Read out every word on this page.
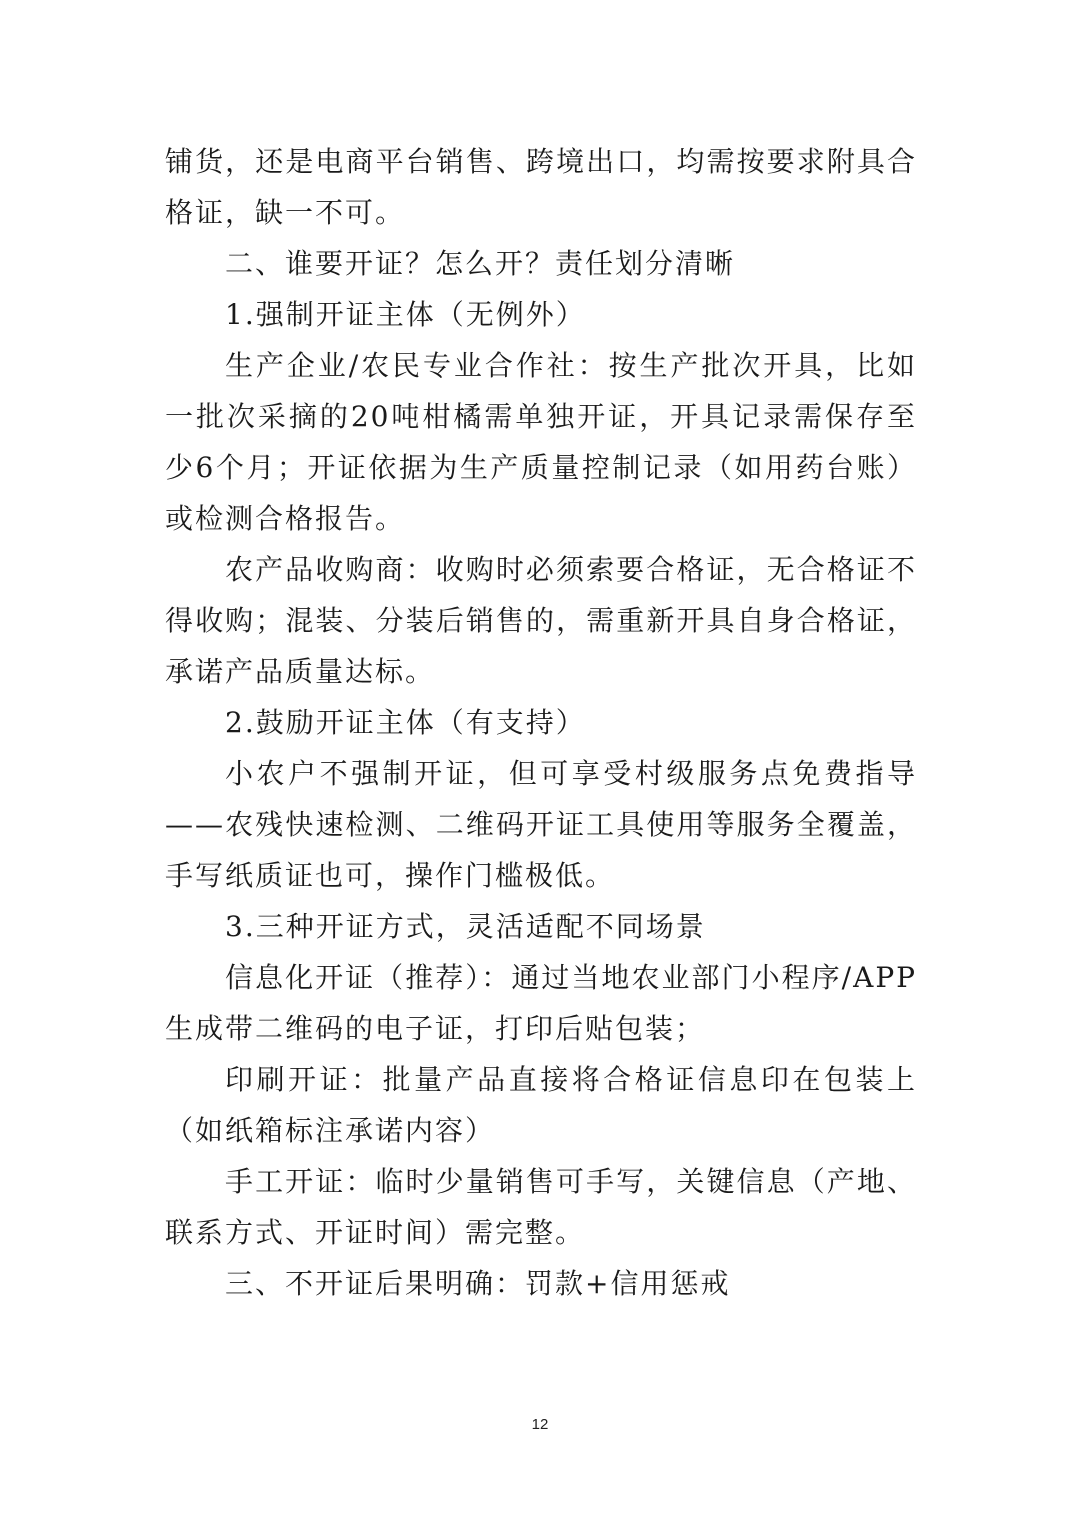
铺货，还是电商平台销售、跨境出口，均需按要求附具合格证，缺一不可。

二、谁要开证？怎么开？责任划分清晰

1.强制开证主体（无例外）

生产企业/农民专业合作社：按生产批次开具，比如一批次采摘的20吨柑橘需单独开证，开具记录需保存至少6个月；开证依据为生产质量控制记录（如用药台账）或检测合格报告。

农产品收购商：收购时必须索要合格证，无合格证不得收购；混装、分装后销售的，需重新开具自身合格证，承诺产品质量达标。

2.鼓励开证主体（有支持）

小农户不强制开证，但可享受村级服务点免费指导——农残快速检测、二维码开证工具使用等服务全覆盖，手写纸质证也可，操作门槛极低。

3.三种开证方式，灵活适配不同场景

信息化开证（推荐）：通过当地农业部门小程序/APP生成带二维码的电子证，打印后贴包装；

印刷开证：批量产品直接将合格证信息印在包装上（如纸箱标注承诺内容）

手工开证：临时少量销售可手写，关键信息（产地、联系方式、开证时间）需完整。

三、不开证后果明确：罚款+信用惩戒

12
